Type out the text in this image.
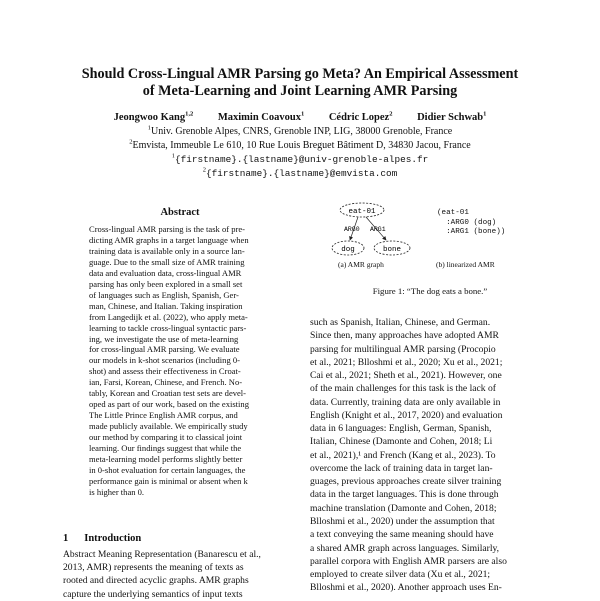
Should Cross-Lingual AMR Parsing go Meta? An Empirical Assessment
of Meta-Learning and Joint Learning AMR Parsing
Jeongwoo Kang$^{1,2}$ Maximin Coavoux$^1$ Cédric Lopez$^2$ Didier Schwab$^1$
$^1$Univ. Grenoble Alpes, CNRS, Grenoble INP, LIG, 38000 Grenoble, France
$^2$Emvista, Immeuble Le 610, 10 Rue Louis Breguet Bâtiment D, 34830 Jacou, France
$^1${firstname}.{lastname}@univ-grenoble-alpes.fr
$^2${firstname}.{lastname}@emvista.com
Abstract
Cross-lingual AMR parsing is the task of pre-
dicting AMR graphs in a target language when
training data is available only in a source lan-
guage. Due to the small size of AMR training
data and evaluation data, cross-lingual AMR
parsing has only been explored in a small set
of languages such as English, Spanish, Ger-
man, Chinese, and Italian. Taking inspiration
from Langedijk et al. (2022), who apply meta-
learning to tackle cross-lingual syntactic pars-
ing, we investigate the use of meta-learning
for cross-lingual AMR parsing. We evaluate
our models in k-shot scenarios (including 0-
shot) and assess their effectiveness in Croat-
ian, Farsi, Korean, Chinese, and French. No-
tably, Korean and Croatian test sets are devel-
oped as part of our work, based on the existing
The Little Prince English AMR corpus, and
made publicly available. We empirically study
our method by comparing it to classical joint
learning. Our findings suggest that while the
meta-learning model performs slightly better
in 0-shot evaluation for certain languages, the
performance gain is minimal or absent when k
is higher than 0.
1 Introduction
Abstract Meaning Representation (Banarescu et al.,
2013, AMR) represents the meaning of texts as
rooted and directed acyclic graphs. AMR graphs
capture the underlying semantics of input texts
eat-01
dog	bone
ARG0 ARG1
(eat-01
:ARG0 (dog)
:ARG1 (bone))
(a) AMR graph	(b) linearized AMR
Figure 1: “The dog eats a bone.”
such as Spanish, Italian, Chinese, and German.
Since then, many approaches have adopted AMR
parsing for multilingual AMR parsing (Procopio
et al., 2021; Blloshmi et al., 2020; Xu et al., 2021;
Cai et al., 2021; Sheth et al., 2021). However, one
of the main challenges for this task is the lack of
data. Currently, training data are only available in
English (Knight et al., 2017, 2020) and evaluation
data in 6 languages: English, German, Spanish,
Italian, Chinese (Damonte and Cohen, 2018; Li
et al., 2021),¹ and French (Kang et al., 2023). To
overcome the lack of training data in target lan-
guages, previous approaches create silver training
data in the target languages. This is done through
machine translation (Damonte and Cohen, 2018;
Blloshmi et al., 2020) under the assumption that
a text conveying the same meaning should have
a shared AMR graph across languages. Similarly,
parallel corpora with English AMR parsers are also
employed to create silver data (Xu et al., 2021;
Blloshmi et al., 2020). Another approach uses En-
